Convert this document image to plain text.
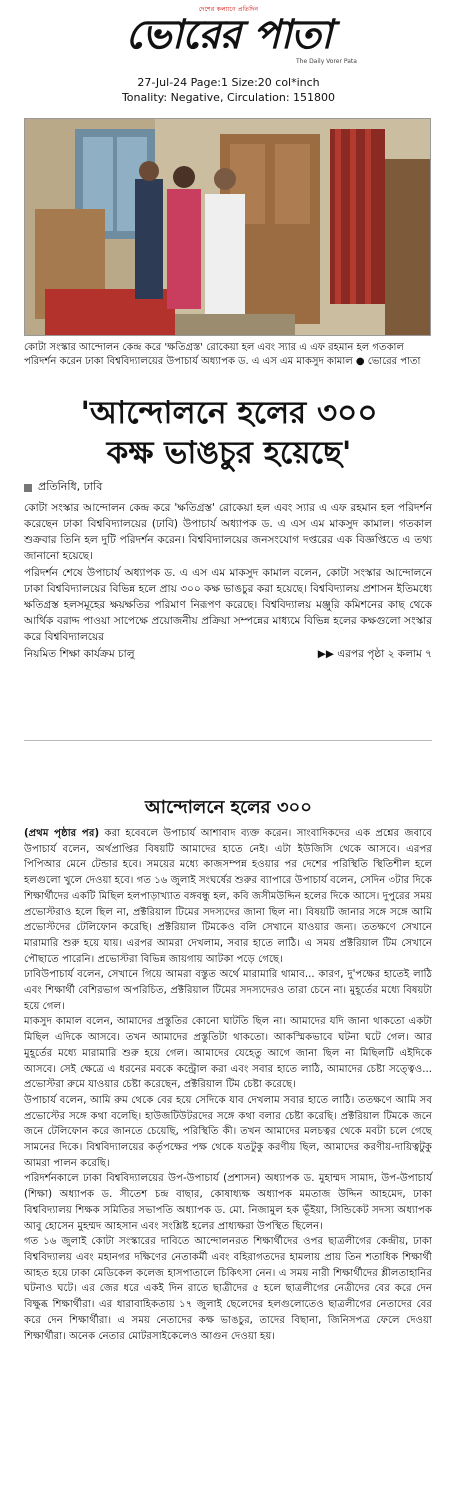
দেশের কল্যাণে প্রতিদিন
ভোরের পাতা
The Daily Vorer Pata
27-Jul-24 Page:1 Size:20 col*inch
Tonality: Negative, Circulation: 151800
কোটা সংস্কার আন্দোলন কেন্দ্র করে 'ক্ষতিগ্রস্ত' রোকেয়া হল এবং স্যার এ এফ রহমান হল গতকাল পরিদর্শন করেন ঢাকা বিশ্ববিদ্যালয়ের উপাচার্য অধ্যাপক ড. এ এস এম মাকসুদ কামাল ● ভোরের পাতা
'আন্দোলনে হলের ৩০০
কক্ষ ভাঙচুর হয়েছে'
প্রতিনিধি, ঢাবি

কোটা সংস্কার আন্দোলন কেন্দ্র করে 'ক্ষতিগ্রস্ত' রোকেয়া হল এবং স্যার এ এফ রহমান হল পরিদর্শন করেছেন ঢাকা বিশ্ববিদ্যালয়ের (ঢাবি) উপাচার্য অধ্যাপক ড. এ এস এম মাকসুদ কামাল। গতকাল শুক্রবার তিনি হল দুটি পরিদর্শন করেন। বিশ্ববিদ্যালয়ের জনসংযোগ দপ্তরের এক বিজ্ঞপ্তিতে এ তথ্য জানানো হয়েছে।

পরিদর্শন শেষে উপাচার্য অধ্যাপক ড. এ এস এম মাকসুদ কামাল বলেন, কোটা সংস্কার আন্দোলনে ঢাকা বিশ্ববিদ্যালয়ের বিভিন্ন হলে প্রায় ৩০০ কক্ষ ভাঙচুর করা হয়েছে। বিশ্ববিদ্যালয় প্রশাসন ইতিমধ্যে ক্ষতিগ্রস্ত হলসমূহের ক্ষয়ক্ষতির পরিমাণ নিরূপণ করেছে। বিশ্ববিদ্যালয় মঞ্জুরি কমিশনের কাছ থেকে আর্থিক বরাদ্দ পাওয়া সাপেক্ষে প্রয়োজনীয় প্রক্রিয়া সম্পন্নের মাধ্যমে বিভিন্ন হলের কক্ষগুলো সংস্কার করে বিশ্ববিদ্যালয়ের

নিয়মিত শিক্ষা কার্যক্রম চালু	▶▶ এরপর পৃষ্ঠা ২ কলাম ৭
আন্দোলনে হলের ৩০০

(প্রথম পৃষ্ঠার পর) করা হবেবলে উপাচার্য আশাবাদ ব্যক্ত করেন। সাংবাদিকদের এক প্রশ্নের জবাবে উপাচার্য বলেন, অর্থপ্রাপ্তির বিষয়টি আমাদের হাতে নেই। এটা ইউজিসি থেকে আসবে। এরপর পিপিআর মেনে টেন্ডার হবে। সময়ের মধ্যে কাজসম্পন্ন হওয়ার পর দেশের পরিস্থিতি স্থিতিশীল হলে হলগুলো খুলে দেওয়া হবে। গত ১৬ জুলাই সংঘর্ষের শুরুর ব্যাপারে উপাচার্য বলেন, সেদিন ৩টার দিকে শিক্ষার্থীদের একটি মিছিল হলপাড়াখ্যাত বঙ্গবন্ধু হল, কবি জসীমউদ্দিন হলের দিকে আসে। দুপুরের সময় প্রভোস্টরাও হলে ছিল না, প্রক্টরিয়াল টিমের সদস্যদের জানা ছিল না। বিষয়টি জানার সঙ্গে সঙ্গে আমি প্রভোস্টদের টেলিফোন করেছি। প্রক্টরিয়াল টিমকেও বলি সেখানে যাওয়ার জন্য। ততক্ষণে সেখানে মারামারি শুরু হয়ে যায়। এরপর আমরা দেখলাম, সবার হাতে লাঠি। এ সময় প্রক্টরিয়াল টিম সেখানে পৌছাতে পারেনি। প্রভোস্টরা বিভিন্ন জায়গায় আটকা পড়ে গেছে।

ঢাবিউপাচার্য বলেন, সেখানে গিয়ে আমরা বস্তুত অর্থে মারামারি থামাব... কারণ, দু'পক্ষের হাতেই লাঠি এবং শিক্ষার্থী বেশিরভাগ অপরিচিত, প্রক্টরিয়াল টিমের সদস্যদেরও তারা চেনে না। মুহূর্তের মধ্যে বিষয়টা হয়ে গেল।

মাকসুদ কামাল বলেন, আমাদের প্রস্তুতির কোনো ঘাটতি ছিল না। আমাদের যদি জানা থাকতো একটা মিছিল এদিকে আসবে। তখন আমাদের প্রস্তুতিটা থাকতো। আকস্মিকভাবে ঘটনা ঘটে গেল। আর মুহূর্তের মধ্যে মারামারি শুরু হয়ে গেল। আমাদের যেহেতু আগে জানা ছিল না মিছিলটি এইদিকে আসবে। সেই ক্ষেত্রে এ ধরনের মবকে কন্ট্রোল করা এবং সবার হাতে লাঠি, আমাদের চেষ্টা সত্ত্বেও... প্রভোস্টরা রুমে যাওয়ার চেষ্টা করেছেন, প্রক্টরিয়াল টিম চেষ্টা করেছে।

উপাচার্য বলেন, আমি রুম থেকে বের হয়ে সেদিকে যাব দেখলাম সবার হাতে লাঠি। ততক্ষণে আমি সব প্রভোস্টের সঙ্গে কথা বলেছি। হাউজটিউটরদের সঙ্গে কথা বলার চেষ্টা করেছি। প্রক্টরিয়াল টিমকে জনে জনে টেলিফোন করে জানতে চেয়েছি, পরিস্থিতি কী। তখন আমাদের মলচত্বর থেকে মবটা চলে গেছে সামনের দিকে। বিশ্ববিদ্যালয়ের কর্তৃপক্ষের পক্ষ থেকে যতটুকু করণীয় ছিল, আমাদের করণীয়-দায়িত্বটুকু আমরা পালন করেছি।

পরিদর্শনকালে ঢাকা বিশ্ববিদ্যালয়ের উপ-উপাচার্য (প্রশাসন) অধ্যাপক ড. মুহাম্মদ সামাদ, উপ-উপাচার্য (শিক্ষা) অধ্যাপক ড. সীতেশ চন্দ্র বাছার, কোষাধ্যক্ষ অধ্যাপক মমতাজ উদ্দিন আহমেদ, ঢাকা বিশ্ববিদ্যালয় শিক্ষক সমিতির সভাপতি অধ্যাপক ড. মো. নিজামুল হক ভূঁইয়া, সিন্ডিকেট সদস্য অধ্যাপক আবু হোসেন মুহম্মদ আহসান এবং সংশ্লিষ্ট হলের প্রাধ্যক্ষরা উপস্থিত ছিলেন।

গত ১৬ জুলাই কোটা সংস্কারের দাবিতে আন্দোলনরত শিক্ষার্থীদের ওপর ছাত্রলীগের কেন্দ্রীয়, ঢাকা বিশ্ববিদ্যালয় এবং মহানগর দক্ষিণের নেতাকর্মী এবং বহিরাগতদের হামলায় প্রায় তিন শতাধিক শিক্ষার্থী আহত হয়ে ঢাকা মেডিকেল কলেজ হাসপাতালে চিকিৎসা নেন। এ সময় নারী শিক্ষার্থীদের শ্লীলতাহানির ঘটনাও ঘটে। এর জের ধরে একই দিন রাতে ছাত্রীদের ৫ হলে ছাত্রলীগের নেত্রীদের বের করে দেন বিক্ষুব্ধ শিক্ষার্থীরা। এর ধারাবাহিকতায় ১৭ জুলাই ছেলেদের হলগুলোতেও ছাত্রলীগের নেতাদের বের করে দেন শিক্ষার্থীরা। এ সময় নেতাদের কক্ষ ভাঙচুর, তাদের বিছানা, জিনিসপত্র ফেলে দেওয়া শিক্ষার্থীরা। অনেক নেতার মোটরসাইকেলেও আগুন দেওয়া হয়।
